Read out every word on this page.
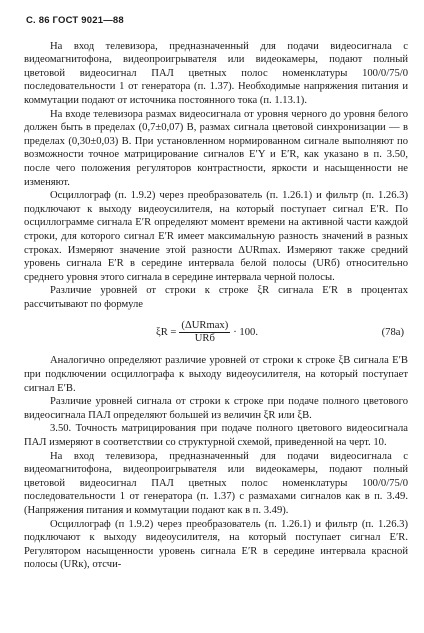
С. 86 ГОСТ 9021—88

На вход телевизора, предназначенный для подачи видеосигнала с видеомагнитофона, видеопроигрывателя или видеокамеры, подают полный цветовой видеосигнал ПАЛ цветных полос номенклатуры 100/0/75/0 последовательности 1 от генератора (п. 1.37). Необходимые напряжения питания и коммутации подают от источника постоянного тока (п. 1.13.1).

На входе телевизора размах видеосигнала от уровня черного до уровня белого должен быть в пределах (0,7±0,07) В, размах сигнала цветовой синхронизации — в пределах (0,30±0,03) В. При установленном нормированном сигнале выполняют по возможности точное матрицирование сигналов E′Y и E′R, как указано в п. 3.50, после чего положения регуляторов контрастности, яркости и насыщенности не изменяют.

Осциллограф (п. 1.9.2) через преобразователь (п. 1.26.1) и фильтр (п. 1.26.3) подключают к выходу видеоусилителя, на который поступает сигнал E′R. По осциллограмме сигнала E′R определяют момент времени на активной части каждой строки, для которого сигнал E′R имеет максимальную разность значений в разных строках. Измеряют значение этой разности ΔURmax. Измеряют также средний уровень сигнала E′R в середине интервала белой полосы (URб) относительно среднего уровня этого сигнала в середине интервала черной полосы.

Различие уровней от строки к строке ξR сигнала E′R в процентах рассчитывают по формуле

$\xi R = \frac{\text{(ΔURmax)}}{\text{URб}} \cdot 100$.	(78а)

Аналогично определяют различие уровней от строки к строке ξB сигнала E′B при подключении осциллографа к выходу видеоусилителя, на который поступает сигнал E′B.

Различие уровней сигнала от строки к строке при подаче полного цветового видеосигнала ПАЛ определяют большей из величин ξR или ξB.

3.50. Точность матрицирования при подаче полного цветового видеосигнала ПАЛ измеряют в соответствии со структурной схемой, приведенной на черт. 10.

На вход телевизора, предназначенный для подачи видеосигнала с видеомагнитофона, видеопроигрывателя или видеокамеры, подают полный цветовой видеосигнал ПАЛ цветных полос номенклатуры 100/0/75/0 последовательности 1 от генератора (п. 1.37) с размахами сигналов как в п. 3.49. (Напряжения питания и коммутации подают как в п. 3.49).

Осциллограф (п 1.9.2) через преобразователь (п. 1.26.1) и фильтр (п. 1.26.3) подключают к выходу видеоусилителя, на который поступает сигнал E′R. Регулятором насыщенности уровень сигнала E′R в середине интервала красной полосы (URк), отсчи-
